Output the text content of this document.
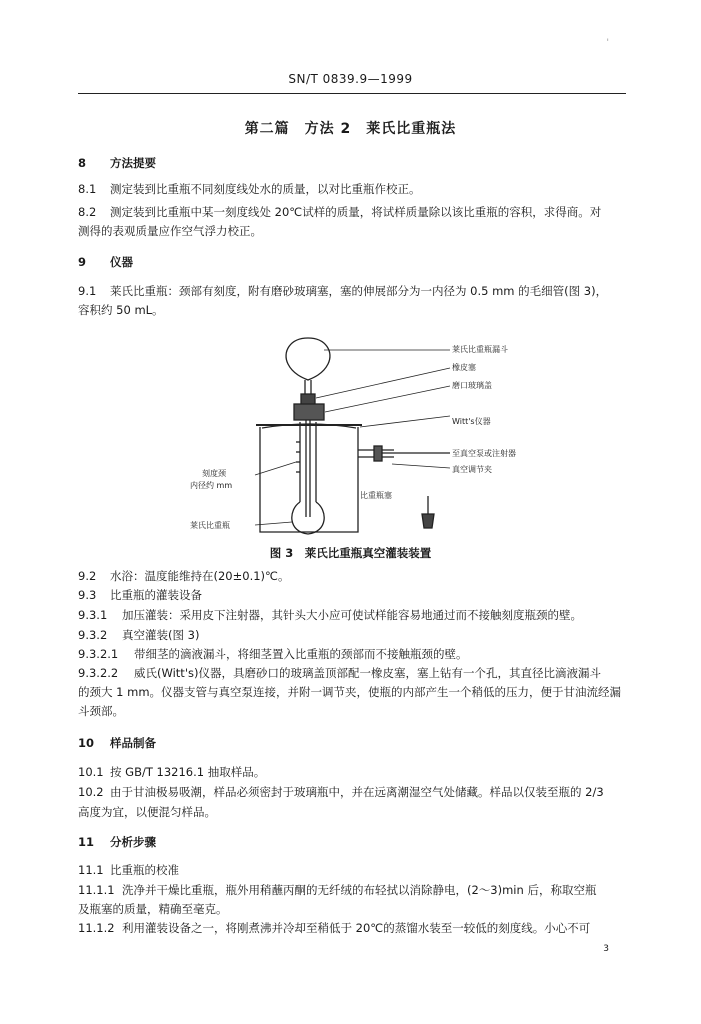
'
SN/T 0839.9—1999
第二篇　方法 2　莱氏比重瓶法
8 方法提要
8.1 测定装到比重瓶不同刻度线处水的质量，以对比重瓶作校正。
8.2 测定装到比重瓶中某一刻度线处 20℃试样的质量，将试样质量除以该比重瓶的容积，求得商。对
测得的表观质量应作空气浮力校正。
9 仪器
9.1 莱氏比重瓶：颈部有刻度，附有磨砂玻璃塞，塞的伸展部分为一内径为 0.5 mm 的毛细管(图 3)，
容积约 50 mL。
莱氏比重瓶漏斗
橡皮塞
磨口玻璃盖
Witt's仪器
至真空泵或注射器
真空调节夹
比重瓶塞
刻度颈
内径约 mm
莱氏比重瓶
图 3　莱氏比重瓶真空灌装装置
9.2 水浴：温度能维持在(20±0.1)℃。
9.3 比重瓶的灌装设备
9.3.1 加压灌装：采用皮下注射器，其针头大小应可使试样能容易地通过而不接触刻度瓶颈的壁。
9.3.2 真空灌装(图 3)
9.3.2.1 带细茎的滴液漏斗，将细茎置入比重瓶的颈部而不接触瓶颈的壁。
9.3.2.2 威氏(Witt's)仪器，具磨砂口的玻璃盖顶部配一橡皮塞，塞上钻有一个孔，其直径比滴液漏斗
的颈大 1 mm。仪器支管与真空泵连接，并附一调节夹，使瓶的内部产生一个稍低的压力，便于甘油流经漏
斗颈部。
10 样品制备
10.1 按 GB/T 13216.1 抽取样品。
10.2 由于甘油极易吸潮，样品必须密封于玻璃瓶中，并在远离潮湿空气处储藏。样品以仅装至瓶的 2/3
高度为宜，以便混匀样品。
11 分析步骤
11.1 比重瓶的校准
11.1.1 洗净并干燥比重瓶，瓶外用稍蘸丙酮的无纤绒的布轻拭以消除静电，(2～3)min 后，称取空瓶
及瓶塞的质量，精确至毫克。
11.1.2 利用灌装设备之一，将刚煮沸并冷却至稍低于 20℃的蒸馏水装至一较低的刻度线。小心不可
3
